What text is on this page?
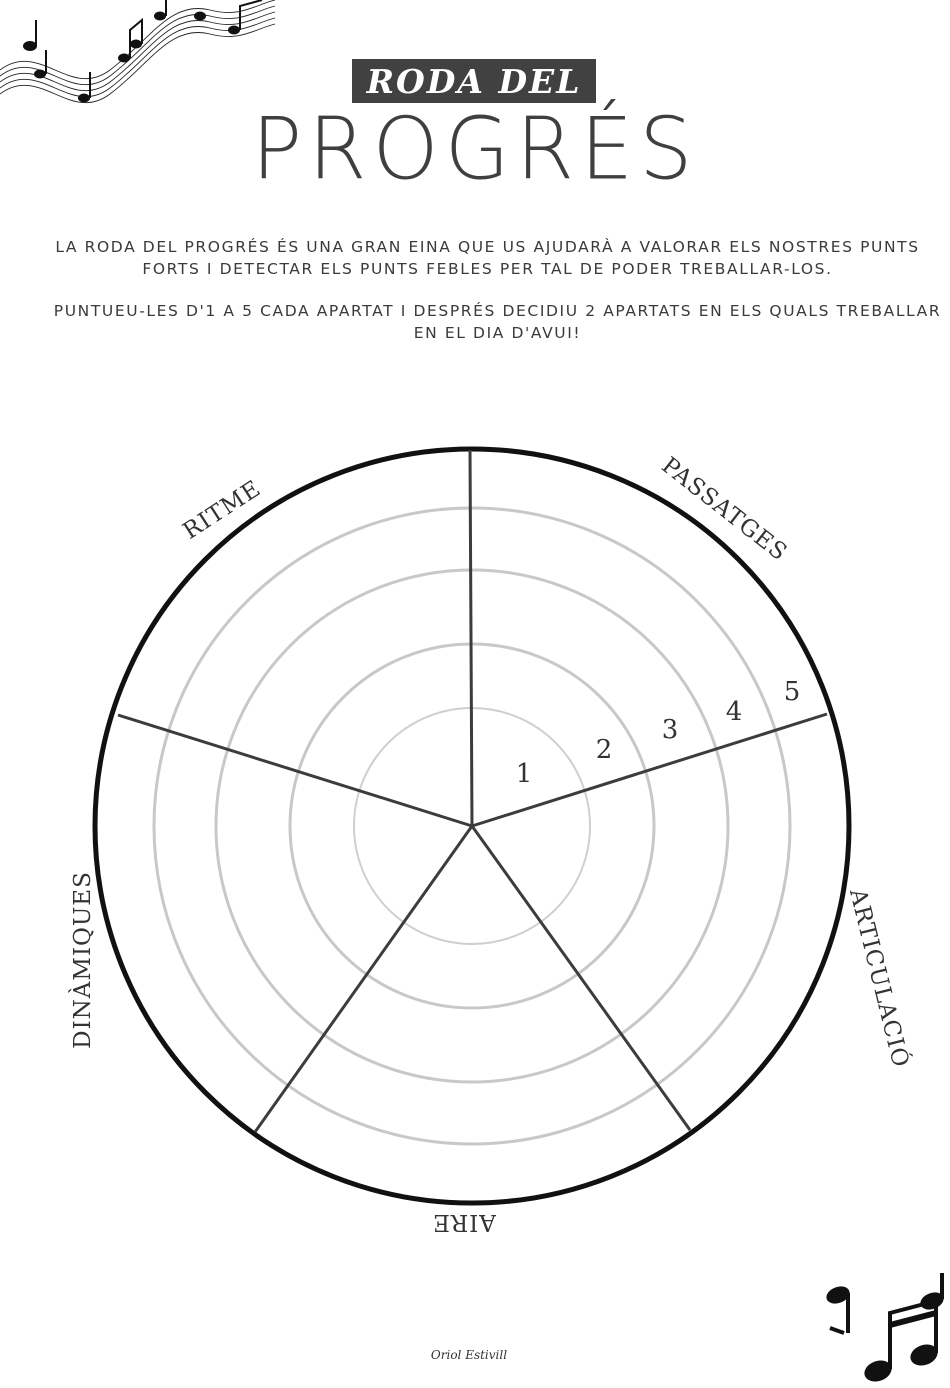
RODA DEL
PROGRÉS
LA RODA DEL PROGRÉS ÉS UNA GRAN EINA QUE US AJUDARÀ A VALORAR ELS NOSTRES PUNTS FORTS I DETECTAR ELS PUNTS FEBLES PER TAL DE PODER TREBALLAR-LOS.
PUNTUEU-LES D'1 A 5 CADA APARTAT I DESPRÉS DECIDIU 2 APARTATS EN ELS QUALS TREBALLAR EN EL DIA D'AVUI!
1
2
3
4
5
PASSATGES
ARTICULACIÓ
AIRE
DINÀMIQUES
RITME
Oriol Estivill
